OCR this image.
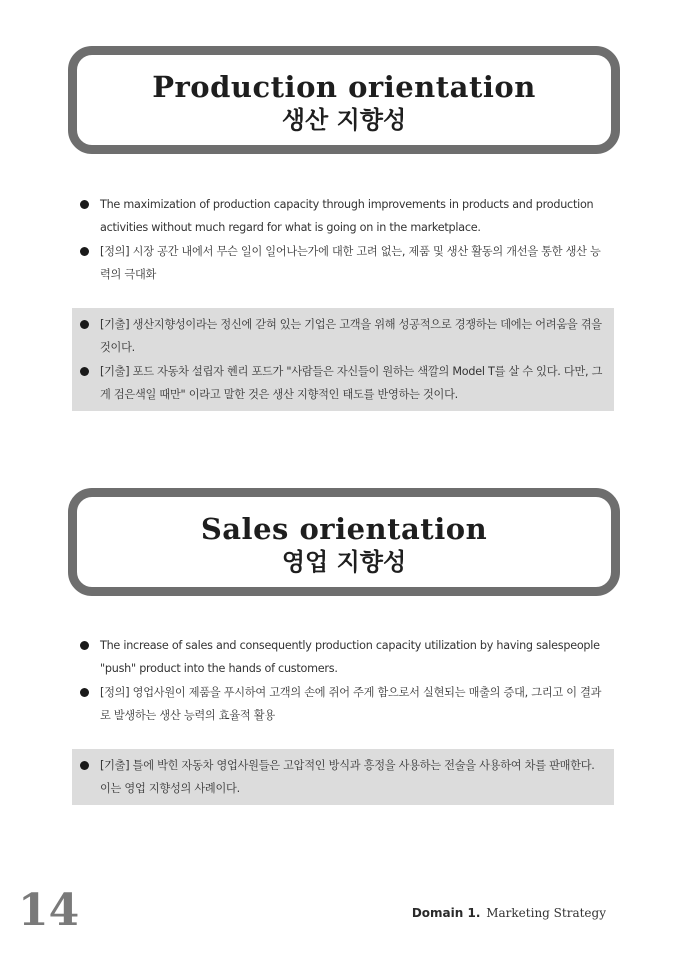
Production orientation
생산 지향성
The maximization of production capacity through improvements in products and production activities without much regard for what is going on in the marketplace.
[정의] 시장 공간 내에서 무슨 일이 일어나는가에 대한 고려 없는, 제품 및 생산 활동의 개선을 통한 생산 능력의 극대화
[기출] 생산지향성이라는 정신에 갇혀 있는 기업은 고객을 위해 성공적으로 경쟁하는 데에는 어려움을 겪을 것이다.
[기출] 포드 자동차 설립자 헨리 포드가 "사람들은 자신들이 원하는 색깔의 Model T를 살 수 있다. 다만, 그게 검은색일 때만" 이라고 말한 것은 생산 지향적인 태도를 반영하는 것이다.
Sales orientation
영업 지향성
The increase of sales and consequently production capacity utilization by having salespeople "push" product into the hands of customers.
[정의] 영업사원이 제품을 푸시하여 고객의 손에 쥐어 주게 함으로서 실현되는 매출의 증대, 그리고 이 결과로 발생하는 생산 능력의 효율적 활용
[기출] 틀에 박힌 자동차 영업사원들은 고압적인 방식과 흥정을 사용하는 전술을 사용하여 차를 판매한다. 이는 영업 지향성의 사례이다.
14	Domain 1. Marketing Strategy
